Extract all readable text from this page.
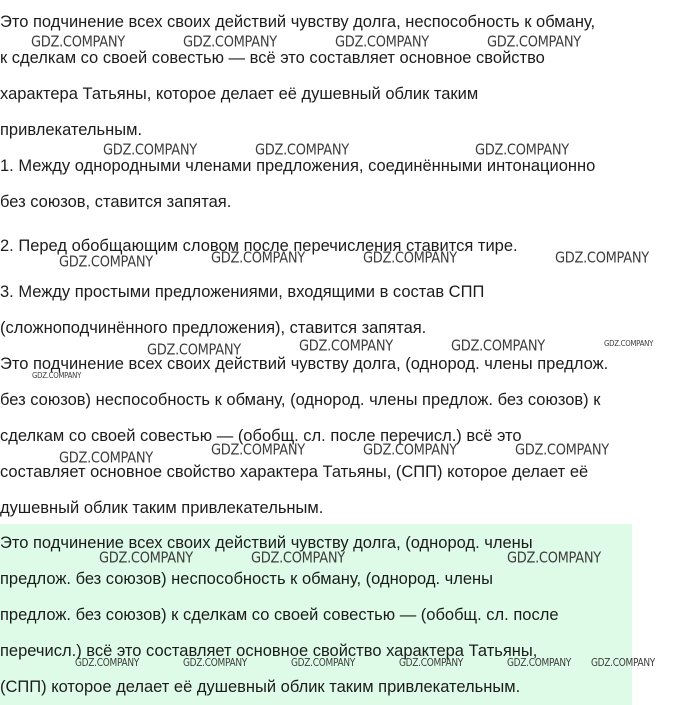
Это подчинение всех своих действий чувству долга, неспособность к обману,
к сделкам со своей совестью — всё это составляет основное свойство
характера Татьяны, которое делает её душевный облик таким
привлекательным.

1. Между однородными членами предложения, соединёнными интонационно
без союзов, ставится запятая.

2. Перед обобщающим словом после перечисления ставится тире.

3. Между простыми предложениями, входящими в состав СПП
(сложноподчинённого предложения), ставится запятая.

Это подчинение всех своих действий чувству долга, (однород. члены предлож.
без союзов) неспособность к обману, (однород. члены предлож. без союзов) к
сделкам со своей совестью — (обобщ. сл. после перечисл.) всё это
составляет основное свойство характера Татьяны, (СПП) которое делает её
душевный облик таким привлекательным.

Это подчинение всех своих действий чувству долга, (однород. члены
предлож. без союзов) неспособность к обману, (однород. члены
предлож. без союзов) к сделкам со своей совестью — (обобщ. сл. после
перечисл.) всё это составляет основное свойство характера Татьяны,
(СПП) которое делает её душевный облик таким привлекательным.

GDZ.COMPANY	GDZ.COMPANY	GDZ.COMPANY	GDZ.COMPANY
GDZ.COMPANY	GDZ.COMPANY	GDZ.COMPANY
GDZ.COMPANY	GDZ.COMPANY	GDZ.COMPANY	GDZ.COMPANY
GDZ.COMPANY
GDZ.COMPANY	GDZ.COMPANY	GDZ.COMPANY
GDZ.COMPANY
GDZ.COMPANY	GDZ.COMPANY	GDZ.COMPANY	GDZ.COMPANY
GDZ.COMPANY	GDZ.COMPANY	GDZ.COMPANY
GDZ.COMPANY	GDZ.COMPANY	GDZ.COMPANY	GDZ.COMPANY	GDZ.COMPANY GDZ.COMPANY
